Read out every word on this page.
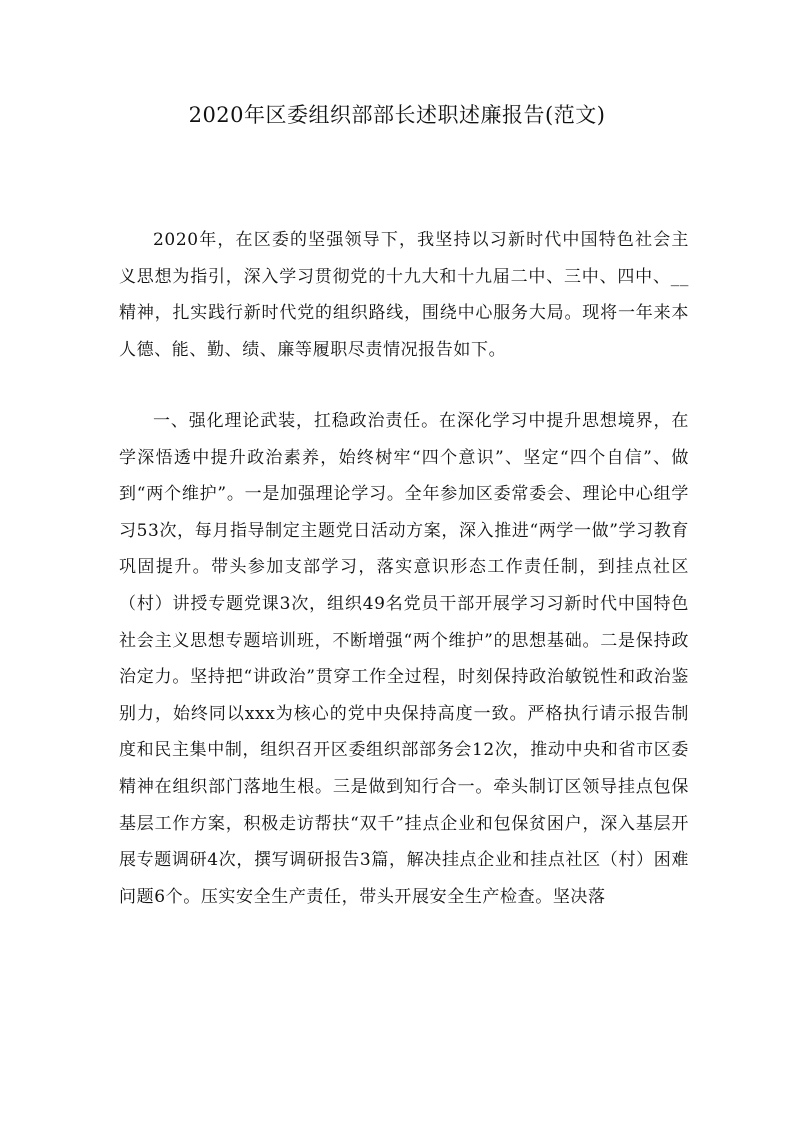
2020年区委组织部部长述职述廉报告(范文)

2020年，在区委的坚强领导下，我坚持以习新时代中国特色社会主义思想为指引，深入学习贯彻党的十九大和十九届二中、三中、四中、__精神，扎实践行新时代党的组织路线，围绕中心服务大局。现将一年来本人德、能、勤、绩、廉等履职尽责情况报告如下。

一、强化理论武装，扛稳政治责任。在深化学习中提升思想境界，在学深悟透中提升政治素养，始终树牢“四个意识”、坚定“四个自信”、做到“两个维护”。一是加强理论学习。全年参加区委常委会、理论中心组学习53次，每月指导制定主题党日活动方案，深入推进“两学一做”学习教育巩固提升。带头参加支部学习，落实意识形态工作责任制，到挂点社区（村）讲授专题党课3次，组织49名党员干部开展学习习新时代中国特色社会主义思想专题培训班，不断增强“两个维护”的思想基础。二是保持政治定力。坚持把“讲政治”贯穿工作全过程，时刻保持政治敏锐性和政治鉴别力，始终同以xxx为核心的党中央保持高度一致。严格执行请示报告制度和民主集中制，组织召开区委组织部部务会12次，推动中央和省市区委精神在组织部门落地生根。三是做到知行合一。牵头制订区领导挂点包保基层工作方案，积极走访帮扶“双千”挂点企业和包保贫困户，深入基层开展专题调研4次，撰写调研报告3篇，解决挂点企业和挂点社区（村）困难问题6个。压实安全生产责任，带头开展安全生产检查。坚决落
